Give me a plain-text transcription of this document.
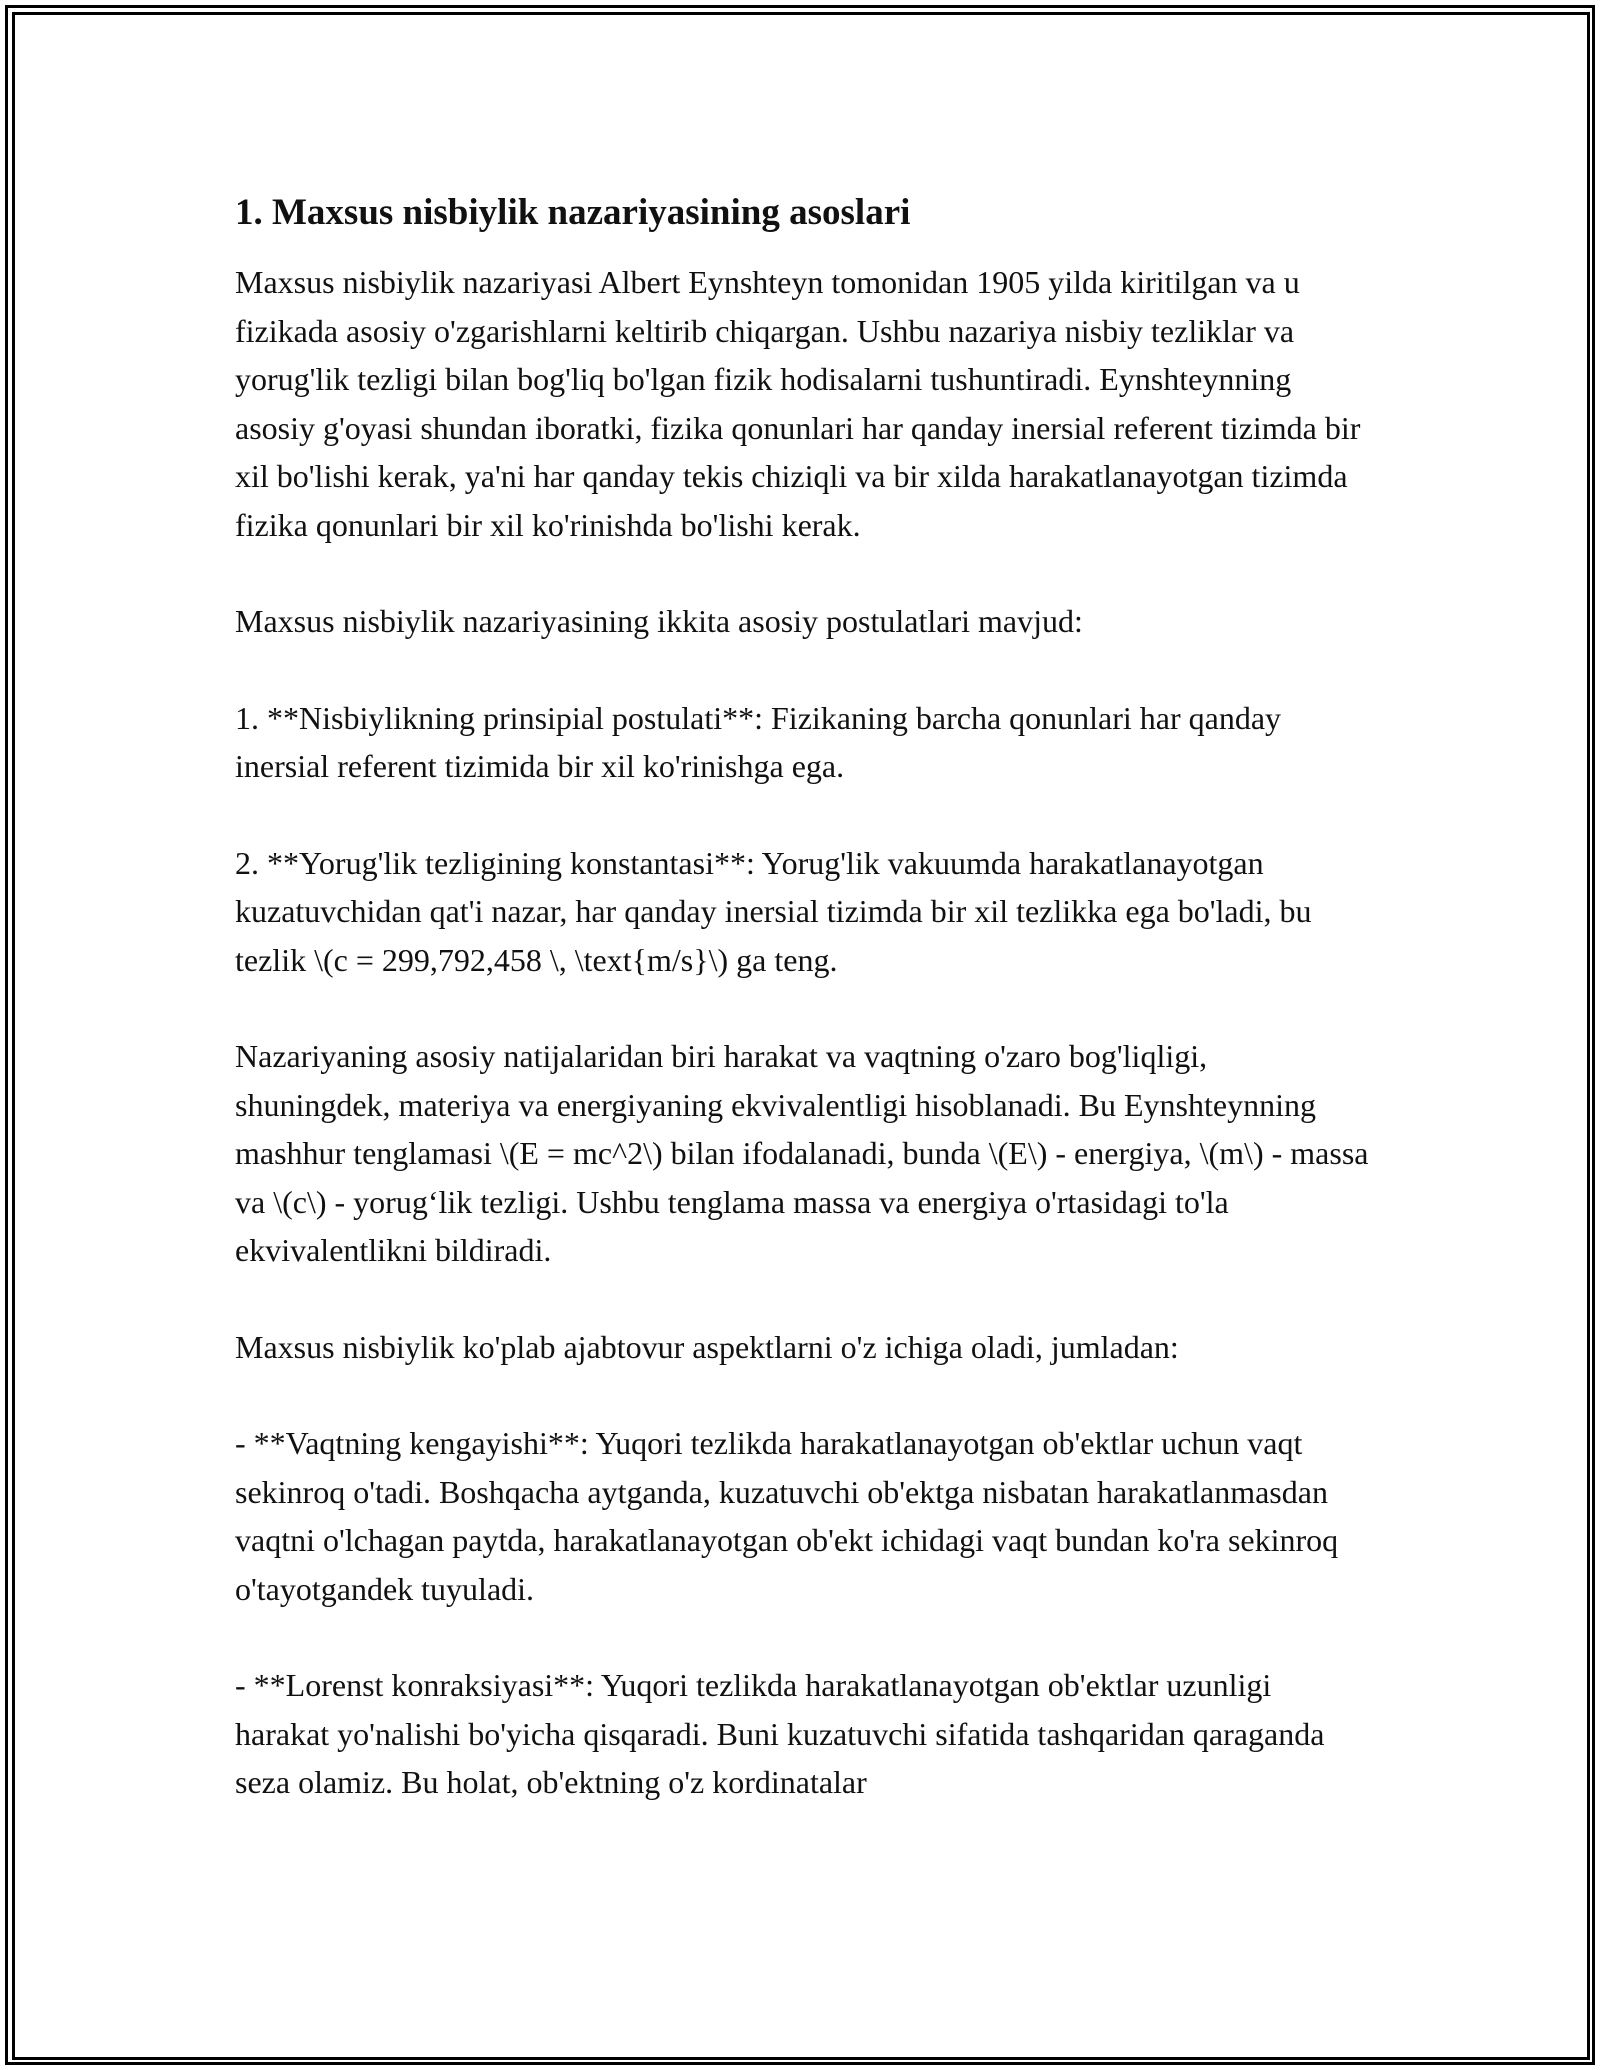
1. Maxsus nisbiylik nazariyasining asoslari

Maxsus nisbiylik nazariyasi Albert Eynshteyn tomonidan 1905 yilda kiritilgan va u fizikada asosiy o'zgarishlarni keltirib chiqargan. Ushbu nazariya nisbiy tezliklar va yorug'lik tezligi bilan bog'liq bo'lgan fizik hodisalarni tushuntiradi. Eynshteynning asosiy g'oyasi shundan iboratki, fizika qonunlari har qanday inersial referent tizimda bir xil bo'lishi kerak, ya'ni har qanday tekis chiziqli va bir xilda harakatlanayotgan tizimda fizika qonunlari bir xil ko'rinishda bo'lishi kerak.

Maxsus nisbiylik nazariyasining ikkita asosiy postulatlari mavjud:

1. **Nisbiylikning prinsipial postulati**: Fizikaning barcha qonunlari har qanday inersial referent tizimida bir xil ko'rinishga ega.

2. **Yorug'lik tezligining konstantasi**: Yorug'lik vakuumda harakatlanayotgan kuzatuvchidan qat'i nazar, har qanday inersial tizimda bir xil tezlikka ega bo'ladi, bu tezlik \(c = 299,792,458 \, \text{m/s}\) ga teng.

Nazariyaning asosiy natijalaridan biri harakat va vaqtning o'zaro bog'liqligi, shuningdek, materiya va energiyaning ekvivalentligi hisoblanadi. Bu Eynshteynning mashhur tenglamasi \(E = mc^2\) bilan ifodalanadi, bunda \(E\) - energiya, \(m\) - massa va \(c\) - yorug‘lik tezligi. Ushbu tenglama massa va energiya o'rtasidagi to'la ekvivalentlikni bildiradi.

Maxsus nisbiylik ko'plab ajabtovur aspektlarni o'z ichiga oladi, jumladan:

- **Vaqtning kengayishi**: Yuqori tezlikda harakatlanayotgan ob'ektlar uchun vaqt sekinroq o'tadi. Boshqacha aytganda, kuzatuvchi ob'ektga nisbatan harakatlanmasdan vaqtni o'lchagan paytda, harakatlanayotgan ob'ekt ichidagi vaqt bundan ko'ra sekinroq o'tayotgandek tuyuladi.

- **Lorenst konraksiyasi**: Yuqori tezlikda harakatlanayotgan ob'ektlar uzunligi harakat yo'nalishi bo'yicha qisqaradi. Buni kuzatuvchi sifatida tashqaridan qaraganda seza olamiz. Bu holat, ob'ektning o'z kordinatalar
